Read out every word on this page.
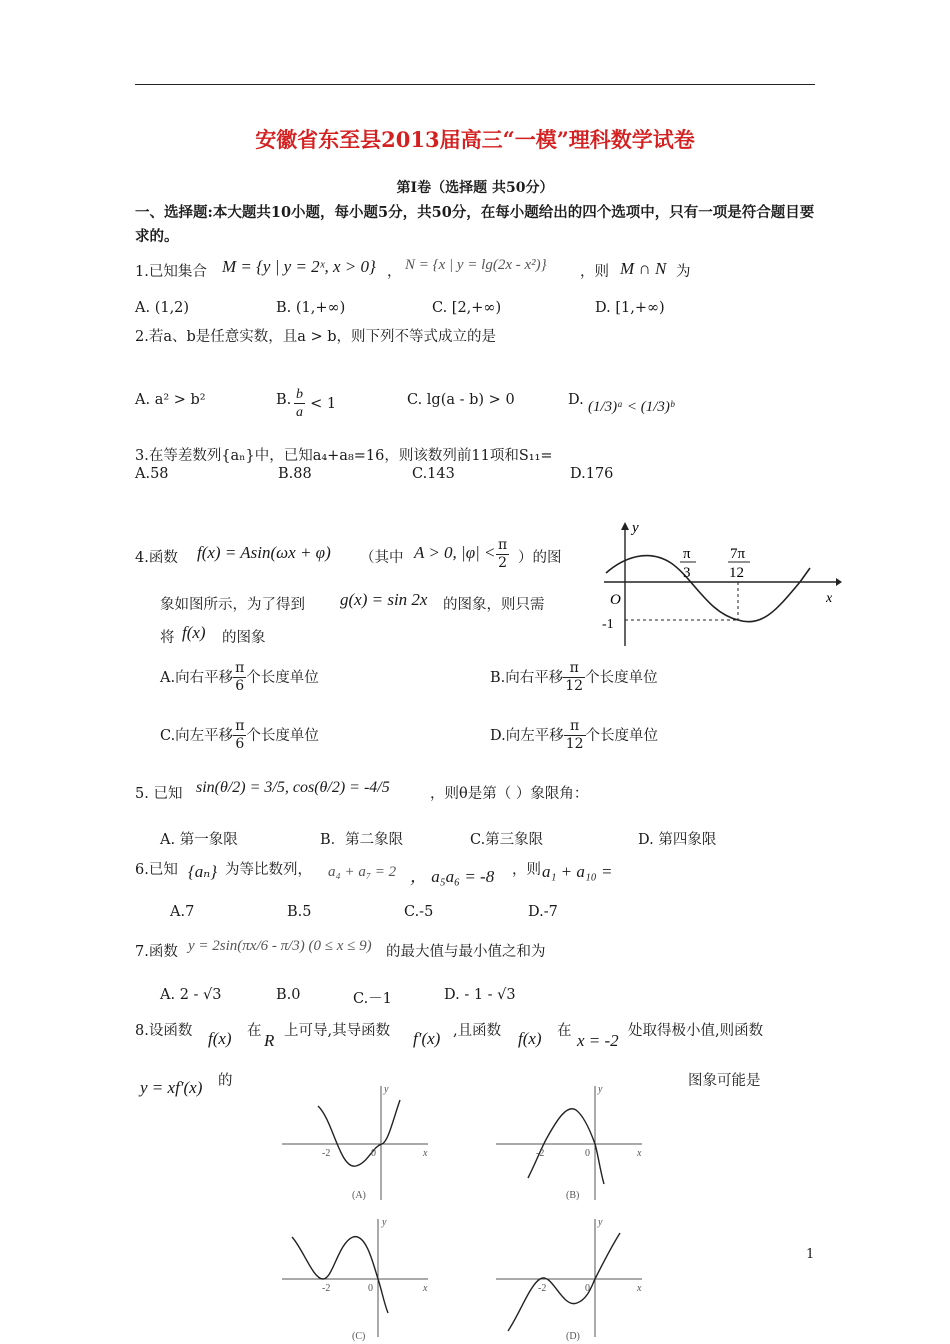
安徽省东至县2013届高三“一模”理科数学试卷
第Ⅰ卷（选择题 共50分）
一、选择题:本大题共10小题，每小题5分，共50分，在每小题给出的四个选项中，只有一项是符合题目要求的。
1.已知集合 M = {y | y = 2ˣ, x > 0} ， N = {x | y = lg(2x - x²)} ，则 M ∩ N 为
A. (1,2)	B. (1,+∞)	C. [2,+∞)	D. [1,+∞)
2.若a、b是任意实数，且a > b，则下列不等式成立的是
A. a² > b²	B. $\frac{b}{a} < 1$	C. lg(a - b) > 0	D. (1/3)ᵃ < (1/3)ᵇ
3.在等差数列{aₙ}中，已知a₄+a₈=16，则该数列前11项和S₁₁=
A.58	B.88	C.143	D.176
4.函数 f(x) = Asin(ωx + φ) （其中 A > 0, $|\varphi| < \frac{\pi}{2}$ ）的图
象如图所示，为了得到 g(x) = sin 2x 的图象，则只需
将 f(x) 的图象
y
x
O
-1
π
3
7π
12
A.向右平移 $\frac{\pi}{6}$ 个长度单位	B.向右平移 $\frac{\pi}{12}$ 个长度单位
C.向左平移 $\frac{\pi}{6}$ 个长度单位	D.向左平移 $\frac{\pi}{12}$ 个长度单位
5. 已知 sin(θ/2) = 3/5, cos(θ/2) = -4/5	，则θ是第（ ）象限角：
A. 第一象限	B．第二象限	C.第三象限	D. 第四象限
6.已知 {aₙ} 为等比数列， a₄ + a₇ = 2 ， a₅a₆ = -8 ，则 a₁ + a₁₀ =
A.7	B.5	C.-5	D.-7
7.函数 y = 2sin(πx/6 - π/3) (0 ≤ x ≤ 9) 的最大值与最小值之和为
A. 2 - √3	B.0	C.－1	D. - 1 - √3
8.设函数 f(x) 在 R 上可导,其导函数 f′(x) ,且函数 f(x) 在 x = -2 处取得极小值,则函数
y = xf′(x) 的	图象可能是
-2	0	x
y
(A)
-2	0	x
y
(B)
-2	0	x
y
(C)
-2	0	x
y
(D)
1
